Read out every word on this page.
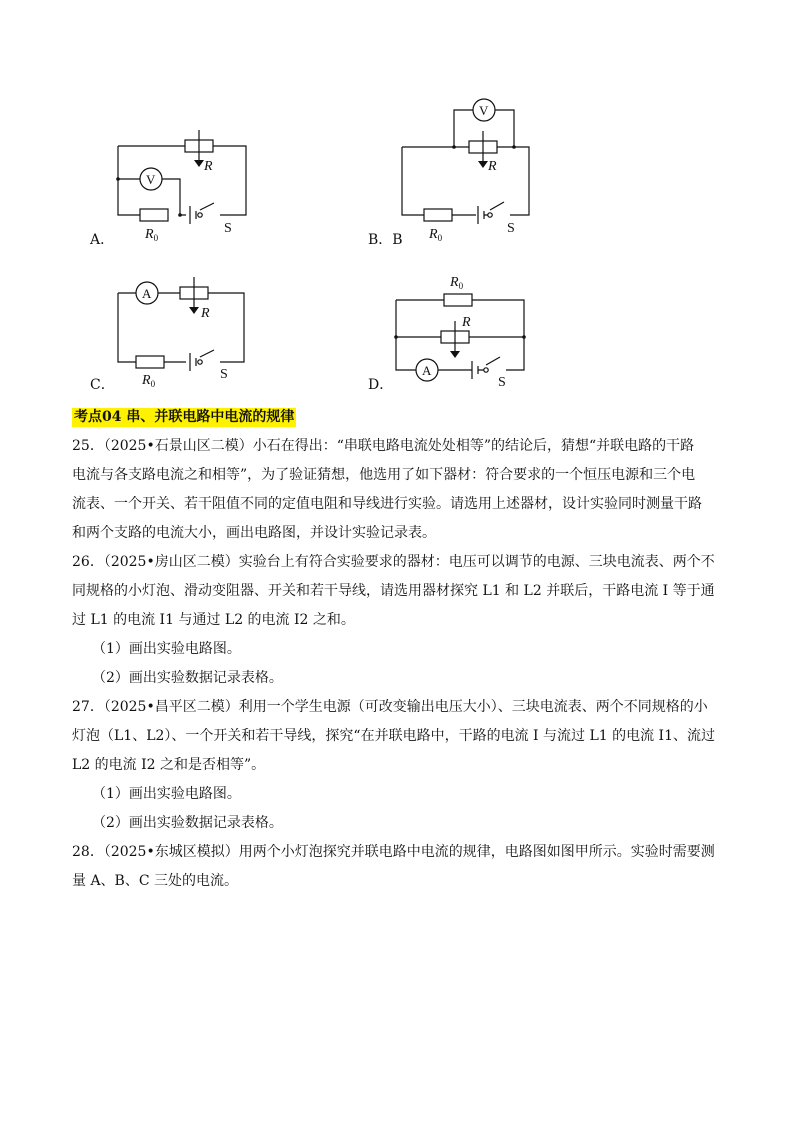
V
R
$R_0$
S
V
R
$R_0$
S
A
R
$R_0$
S	A
$R_0$
R
S
A．	B．B
C．	D．
考点04 串、并联电路中电流的规律
25．（2025•石景山区二模）小石在得出：“串联电路电流处处相等”的结论后，猜想“并联电路的干路
电流与各支路电流之和相等”，为了验证猜想，他选用了如下器材：符合要求的一个恒压电源和三个电
流表、一个开关、若干阻值不同的定值电阻和导线进行实验。请选用上述器材，设计实验同时测量干路
和两个支路的电流大小，画出电路图，并设计实验记录表。
26．（2025•房山区二模）实验台上有符合实验要求的器材：电压可以调节的电源、三块电流表、两个不
同规格的小灯泡、滑动变阻器、开关和若干导线，请选用器材探究 L1 和 L2 并联后，干路电流 I 等于通
过 L1 的电流 I1 与通过 L2 的电流 I2 之和。
（1）画出实验电路图。
（2）画出实验数据记录表格。
27．（2025•昌平区二模）利用一个学生电源（可改变输出电压大小）、三块电流表、两个不同规格的小
灯泡（L1、L2）、一个开关和若干导线，探究“在并联电路中，干路的电流 I 与流过 L1 的电流 I1、流过
L2 的电流 I2 之和是否相等”。
（1）画出实验电路图。
（2）画出实验数据记录表格。
28．（2025•东城区模拟）用两个小灯泡探究并联电路中电流的规律，电路图如图甲所示。实验时需要测
量 A、B、C 三处的电流。
